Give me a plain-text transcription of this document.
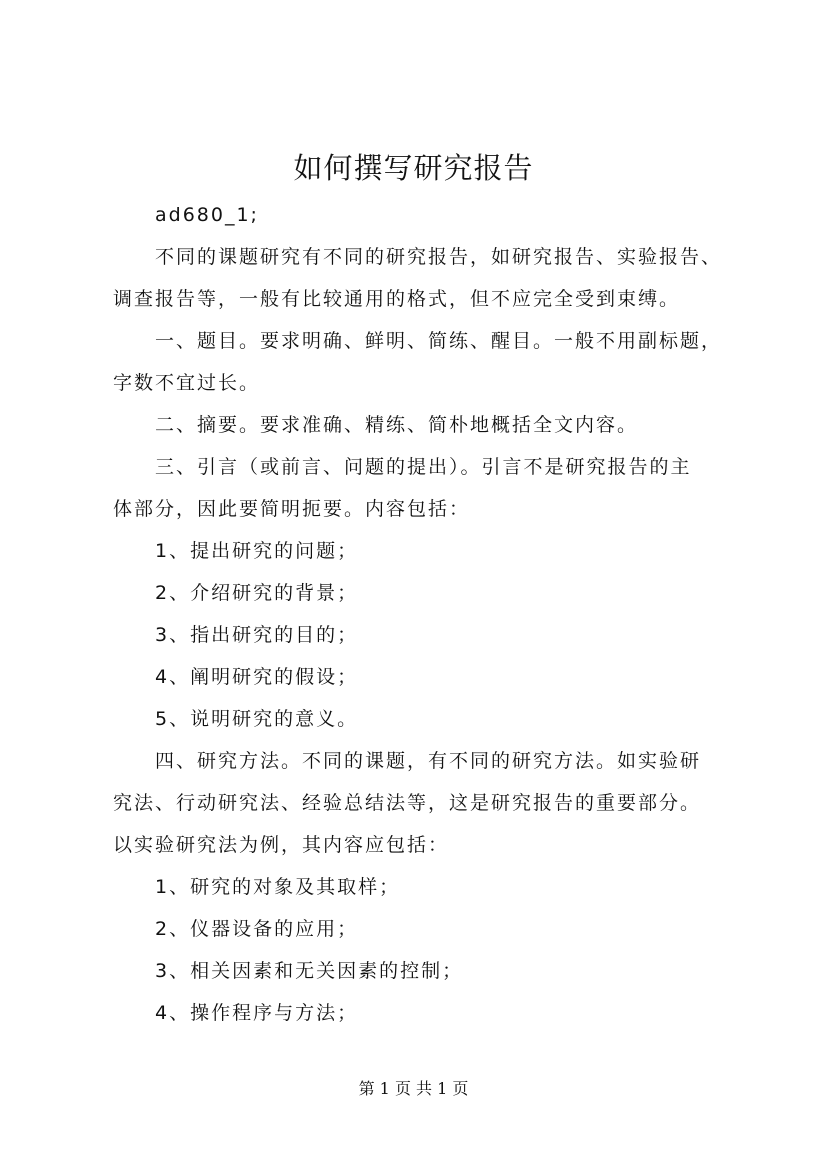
如何撰写研究报告
ad680_1;
不同的课题研究有不同的研究报告，如研究报告、实验报告、
调查报告等，一般有比较通用的格式，但不应完全受到束缚。
一、题目。要求明确、鲜明、简练、醒目。一般不用副标题，
字数不宜过长。
二、摘要。要求准确、精练、简朴地概括全文内容。
三、引言（或前言、问题的提出）。引言不是研究报告的主
体部分，因此要简明扼要。内容包括：
1、提出研究的问题；
2、介绍研究的背景；
3、指出研究的目的；
4、阐明研究的假设；
5、说明研究的意义。
四、研究方法。不同的课题，有不同的研究方法。如实验研
究法、行动研究法、经验总结法等，这是研究报告的重要部分。
以实验研究法为例，其内容应包括：
1、研究的对象及其取样；
2、仪器设备的应用；
3、相关因素和无关因素的控制；
4、操作程序与方法；
第 1 页 共 1 页
